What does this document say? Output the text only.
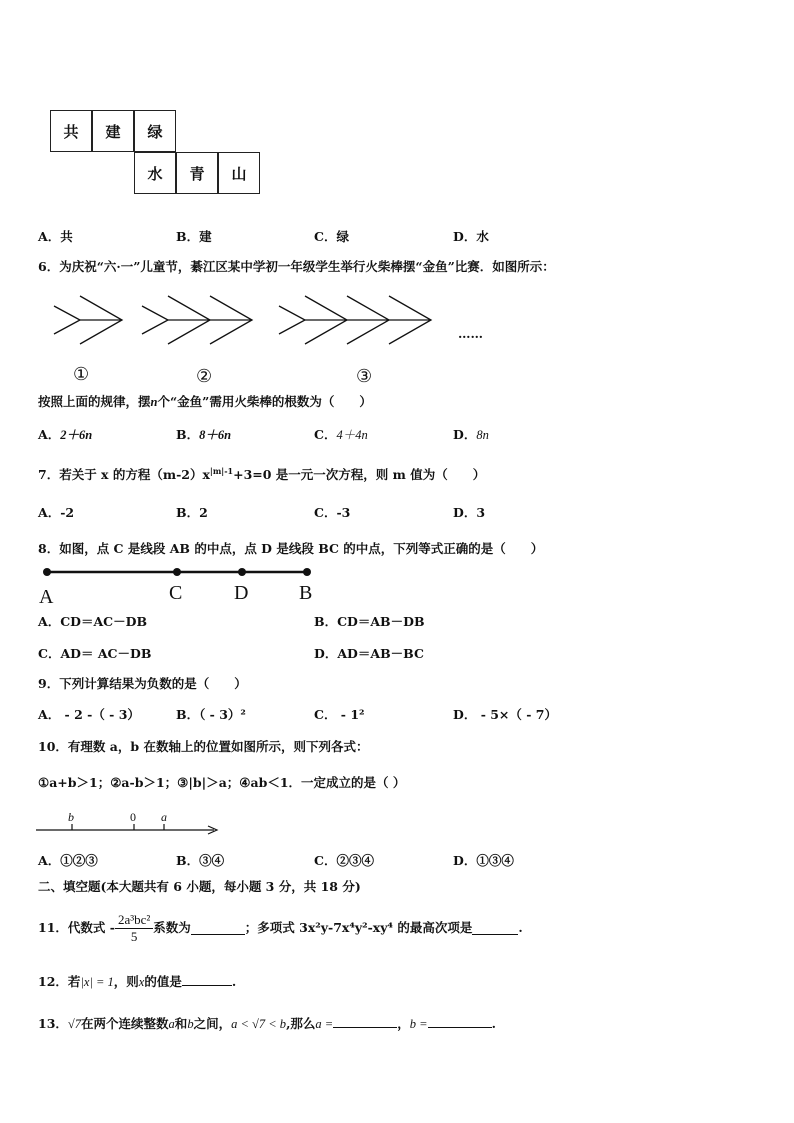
共	建	绿
水	青	山
A．共	B．建	C．绿	D．水
6．为庆祝“六·一”儿童节，綦江区某中学初一年级学生举行火柴棒摆“金鱼”比赛．如图所示：
……
①	②	③
按照上面的规律，摆n个“金鱼”需用火柴棒的根数为（　　）
A．2＋6n	B．8＋6n	C．4＋4n	D．8n
7．若关于 x 的方程$(m-2)x^{|m|-1}+3=0$ 是一元一次方程，则 m 值为（　　）
A．-2	B．2	C．-3	D．3
8．如图，点 C 是线段 AB 的中点，点 D 是线段 BC 的中点，下列等式正确的是（　　）
A	C	D	B
A．CD＝AC－DB	B．CD＝AB－DB
C．AD＝ AC－DB	D．AD＝AB－BC
9．下列计算结果为负数的是（　　）
A． - 2 -（ - 3）	B．（ - 3）²	C． - 1²	D． - 5×（ - 7）
10．有理数 a，b 在数轴上的位置如图所示，则下列各式：
①a+b＞1；②a-b＞1；③|b|＞a；④ab＜1．一定成立的是（ ）
b	0 a
A．①②③	B．③④	C．②③④	D．①③④
二、填空题(本大题共有 6 小题，每小题 3 分，共 18 分)
11．代数式 - $\frac{\text{2a³bc²}}{5}$ 系数为	；多项式 3x²y-7x⁴y²-xy⁴ 的最高次项是	.
12．若|x| = 1，则x的值是	.
13．√7在两个连续整数a和b之间，a < √7 < b,那么a =	，b =	.
